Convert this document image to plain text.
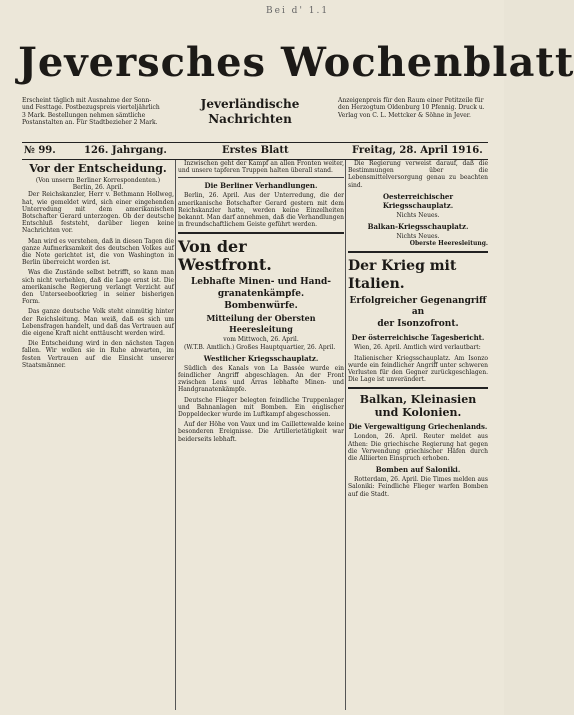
Bei d' 1.1
Jeversches Wochenblatt
Erscheint täglich mit Ausnahme der Sonn- und Festtage. Postbezugspreis vierteljährlich 3 Mark. Bestellungen nehmen sämtliche Postanstalten an. Für Stadtbezieher 2 Mark.
Jeverländische
Nachrichten
Anzeigenpreis für den Raum einer Petitzeile für den Herzogtum Oldenburg 10 Pfennig. Druck u. Verlag von C. L. Mettcker & Söhne in Jever.
№ 99.	126. Jahrgang.	Erstes Blatt	Freitag, 28. April 1916.
Vor der Entscheidung.
(Von unserm Berliner Korrespondenten.)
Berlin, 26. April.

Der Reichskanzler, Herr v. Bethmann Hollweg, hat, wie gemeldet wird, sich einer eingehenden Unterredung mit dem amerikanischen Botschafter Gerard unterzogen. Ob der deutsche Entschluß feststeht, darüber liegen keine Nachrichten vor.

Man wird es verstehen, daß in diesen Tagen die ganze Aufmerksamkeit des deutschen Volkes auf die Note gerichtet ist, die von Washington in Berlin überreicht worden ist.

Was die Zustände selbst betrifft, so kann man sich nicht verhehlen, daß die Lage ernst ist. Die amerikanische Regierung verlangt Verzicht auf den Unterseebootkrieg in seiner bisherigen Form.

Das ganze deutsche Volk steht einmütig hinter der Reichsleitung. Man weiß, daß es sich um Lebensfragen handelt, und daß das Vertrauen auf die eigene Kraft nicht enttäuscht werden wird.

Die Entscheidung wird in den nächsten Tagen fallen. Wir wollen sie in Ruhe abwarten, im festen Vertrauen auf die Einsicht unserer Staatsmänner.

Inzwischen geht der Kampf an allen Fronten weiter, und unsere tapferen Truppen halten überall stand.

Die Berliner Verhandlungen.

Berlin, 26. April. Aus der Unterredung, die der amerikanische Botschafter Gerard gestern mit dem Reichskanzler hatte, werden keine Einzelheiten bekannt. Man darf annehmen, daß die Verhandlungen in freundschaftlichem Geiste geführt werden.

Von der Westfront.
Lebhafte Minen- und Hand-
granatenkämpfe.
Bombenwürfe.
Mitteilung der Obersten Heeresleitung
vom Mittwoch, 26. April.

(W.T.B. Amtlich.) Großes Hauptquartier, 26. April.

Westlicher Kriegsschauplatz.

Südlich des Kanals von La Bassée wurde ein feindlicher Angriff abgeschlagen. An der Front zwischen Lens und Arras lebhafte Minen- und Handgranatenkämpfe.

Deutsche Flieger belegten feindliche Truppenlager und Bahnanlagen mit Bomben. Ein englischer Doppeldecker wurde im Luftkampf abgeschossen.

Auf der Höhe von Vaux und im Caillettewalde keine besonderen Ereignisse. Die Artillerietätigkeit war beiderseits lebhaft.

Die Regierung verweist darauf, daß die Bestimmungen über die Lebensmittelversorgung genau zu beachten sind.

Oesterreichischer Kriegsschauplatz.
Nichts Neues.
Balkan-Kriegsschauplatz.
Nichts Neues.
Oberste Heeresleitung.
Der Krieg mit Italien.
Erfolgreicher Gegenangriff an
der Isonzofront.
Der österreichische Tagesbericht.

Wien, 26. April. Amtlich wird verlautbart:

Italienischer Kriegsschauplatz. Am Isonzo wurde ein feindlicher Angriff unter schweren Verlusten für den Gegner zurückgeschlagen. Die Lage ist unverändert.

Balkan, Kleinasien und Kolonien.
Die Vergewaltigung Griechenlands.

London, 26. April. Reuter meldet aus Athen: Die griechische Regierung hat gegen die Verwendung griechischer Häfen durch die Alliierten Einspruch erhoben.

Bomben auf Saloniki.

Rotterdam, 26. April. Die Times melden aus Saloniki: Feindliche Flieger warfen Bomben auf die Stadt.
